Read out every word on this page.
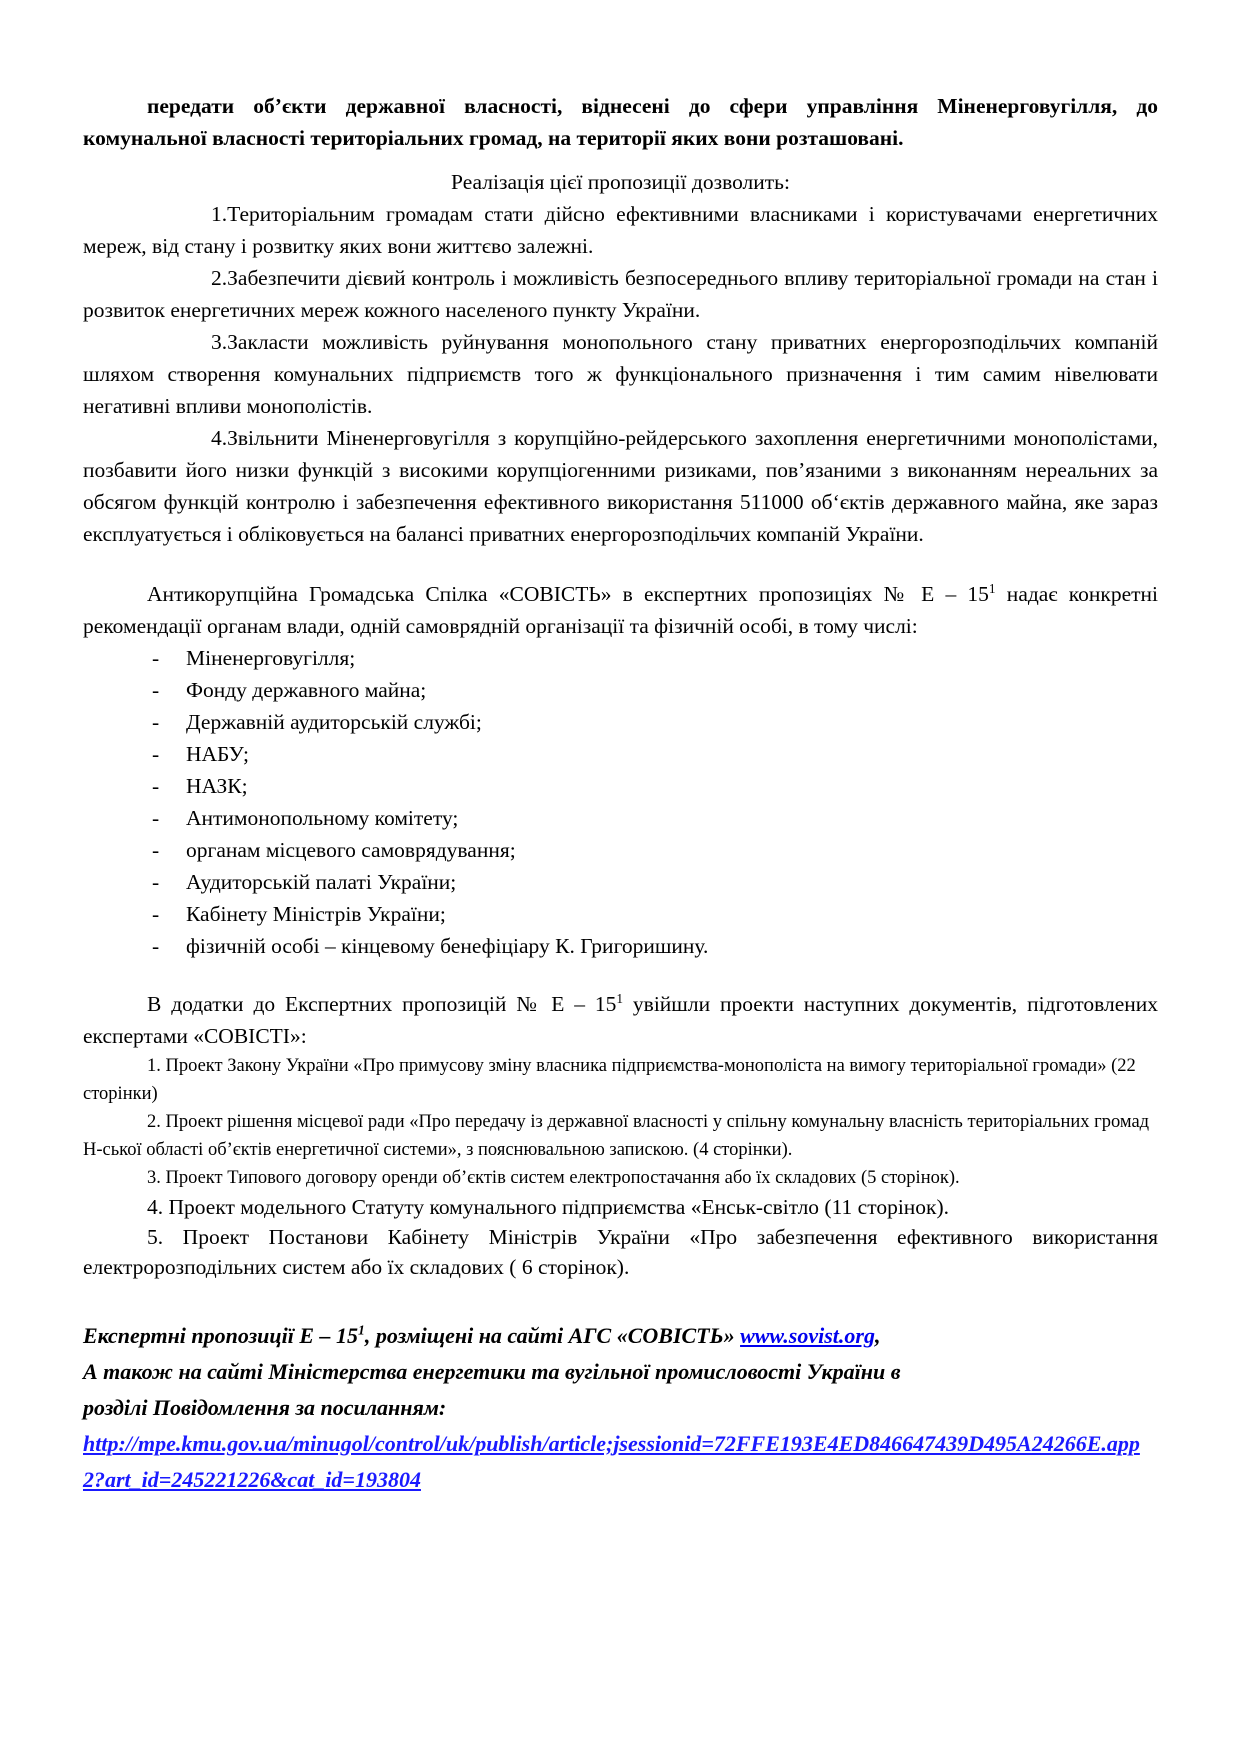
передати об’єкти державної власності, віднесені до сфери управління Міненерговугілля, до комунальної власності територіальних громад, на території яких вони розташовані.

Реалізація цієї пропозиції дозволить:

1.Територіальним громадам стати дійсно ефективними власниками і користувачами енергетичних мереж, від стану і розвитку яких вони життєво залежні.

2.Забезпечити дієвий контроль і можливість безпосереднього впливу територіальної громади на стан і розвиток енергетичних мереж кожного населеного пункту України.

3.Закласти можливість руйнування монопольного стану приватних енергорозподільчих компаній шляхом створення комунальних підприємств того ж функціонального призначення і тим самим нівелювати негативні впливи монополістів.

4.Звільнити Міненерговугілля з корупційно-рейдерського захоплення енергетичними монополістами, позбавити його низки функцій з високими корупціогенними ризиками, пов’язаними з виконанням нереальних за обсягом функцій контролю і забезпечення ефективного використання 511000 об‘єктів державного майна, яке зараз експлуатується і обліковується на балансі приватних енергорозподільчих компаній України.

Антикорупційна Громадська Спілка «СОВІСТЬ» в експертних пропозиціях № Е – $15^1$ надає конкретні рекомендації органам влади, одній самоврядній організації та фізичній особі, в тому числі:

-	Міненерговугілля;
-	Фонду державного майна;
-	Державній аудиторській службі;
-	НАБУ;
-	НАЗК;
-	Антимонопольному комітету;
-	органам місцевого самоврядування;
-	Аудиторській палаті України;
-	Кабінету Міністрів України;
-	фізичній особі – кінцевому бенефіціару К. Григоришину.

В додатки до Експертних пропозицій № Е – $15^1$ увійшли проекти наступних документів, підготовлених експертами «СОВІСТІ»:

1. Проект Закону України «Про примусову зміну власника підприємства-монополіста на вимогу територіальної громади» (22 сторінки)

2. Проект рішення місцевої ради «Про передачу із державної власності у спільну комунальну власність територіальних громад Н-ської області об’єктів енергетичної системи», з пояснювальною запискою. (4 сторінки).

3. Проект Типового договору оренди об’єктів систем електропостачання або їх складових (5 сторінок).

4. Проект модельного Статуту комунального підприємства «Енськ-світло (11 сторінок).

5. Проект Постанови Кабінету Міністрів України «Про забезпечення ефективного використання електророзподільних систем або їх складових ( 6 сторінок).

Експертні пропозиції Е – $15^1$, розміщені на сайті АГС «СОВІСТЬ» www.sovist.org,

А також на сайті Міністерства енергетики та вугільної промисловості України в

розділі Повідомлення за посиланням:

http://mpe.kmu.gov.ua/minugol/control/uk/publish/article;jsessionid=72FFE193E4ED846647439D495A24266E.app2?art_id=245221226&cat_id=193804
